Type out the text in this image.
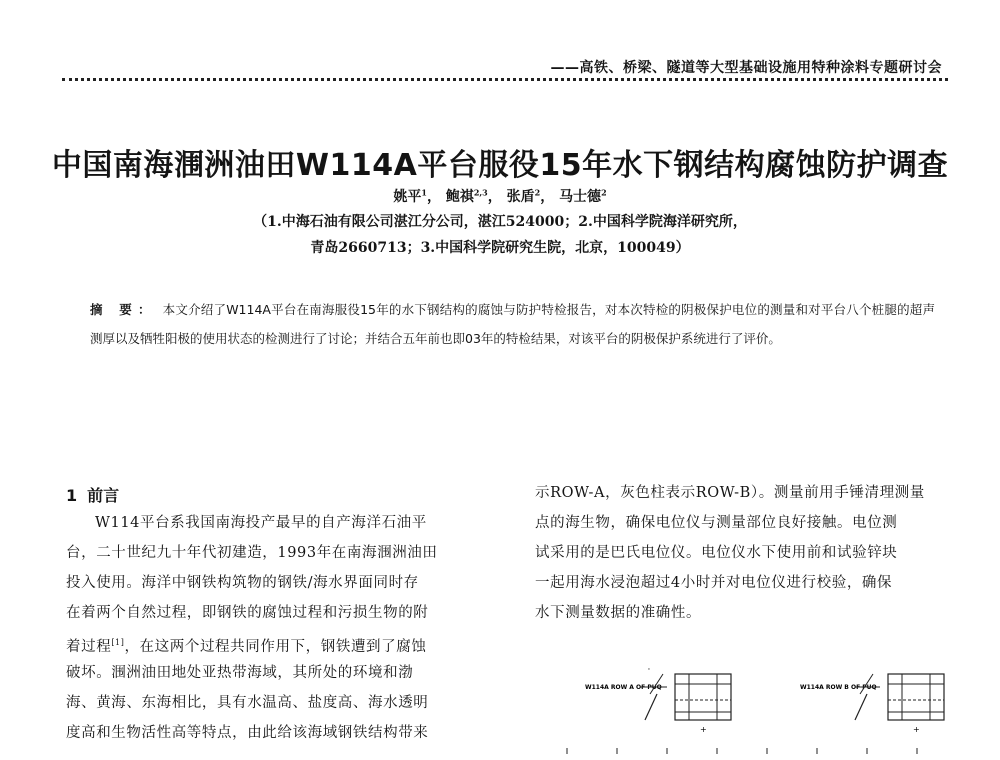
——高铁、桥梁、隧道等大型基础设施用特种涂料专题研讨会
中国南海涠洲油田W114A平台服役15年水下钢结构腐蚀防护调查
姚平$^1$， 鲍祺$^{2,3}$， 张盾$^2$， 马士德$^2$
（1.中海石油有限公司湛江分公司，湛江524000；2.中国科学院海洋研究所，
青岛2660713；3.中国科学院研究生院，北京，100049）
摘 要： 本文介绍了W114A平台在南海服役15年的水下钢结构的腐蚀与防护特检报告，对本次特检的阴极保护电位的测量和对平台八个桩腿的超声测厚以及牺牲阳极的使用状态的检测进行了讨论；并结合五年前也即03年的特检结果，对该平台的阴极保护系统进行了评价。
1 前言
W114平台系我国南海投产最早的自产海洋石油平
台，二十世纪九十年代初建造，1993年在南海涠洲油田
投入使用。海洋中钢铁构筑物的钢铁/海水界面同时存
在着两个自然过程，即钢铁的腐蚀过程和污损生物的附
着过程[1]，在这两个过程共同作用下，钢铁遭到了腐蚀
破坏。涠洲油田地处亚热带海域，其所处的环境和渤
海、黄海、东海相比，具有水温高、盐度高、海水透明
度高和生物活性高等特点，由此给该海域钢铁结构带来
示ROW-A，灰色柱表示ROW-B）。测量前用手锤清理测量
点的海生物，确保电位仪与测量部位良好接触。电位测
试采用的是巴氏电位仪。电位仪水下使用前和试验锌块
一起用海水浸泡超过4小时并对电位仪进行校验，确保
水下测量数据的准确性。
W114A ROW A OF PUQ
'
+
W114A ROW B OF PUQ
+
